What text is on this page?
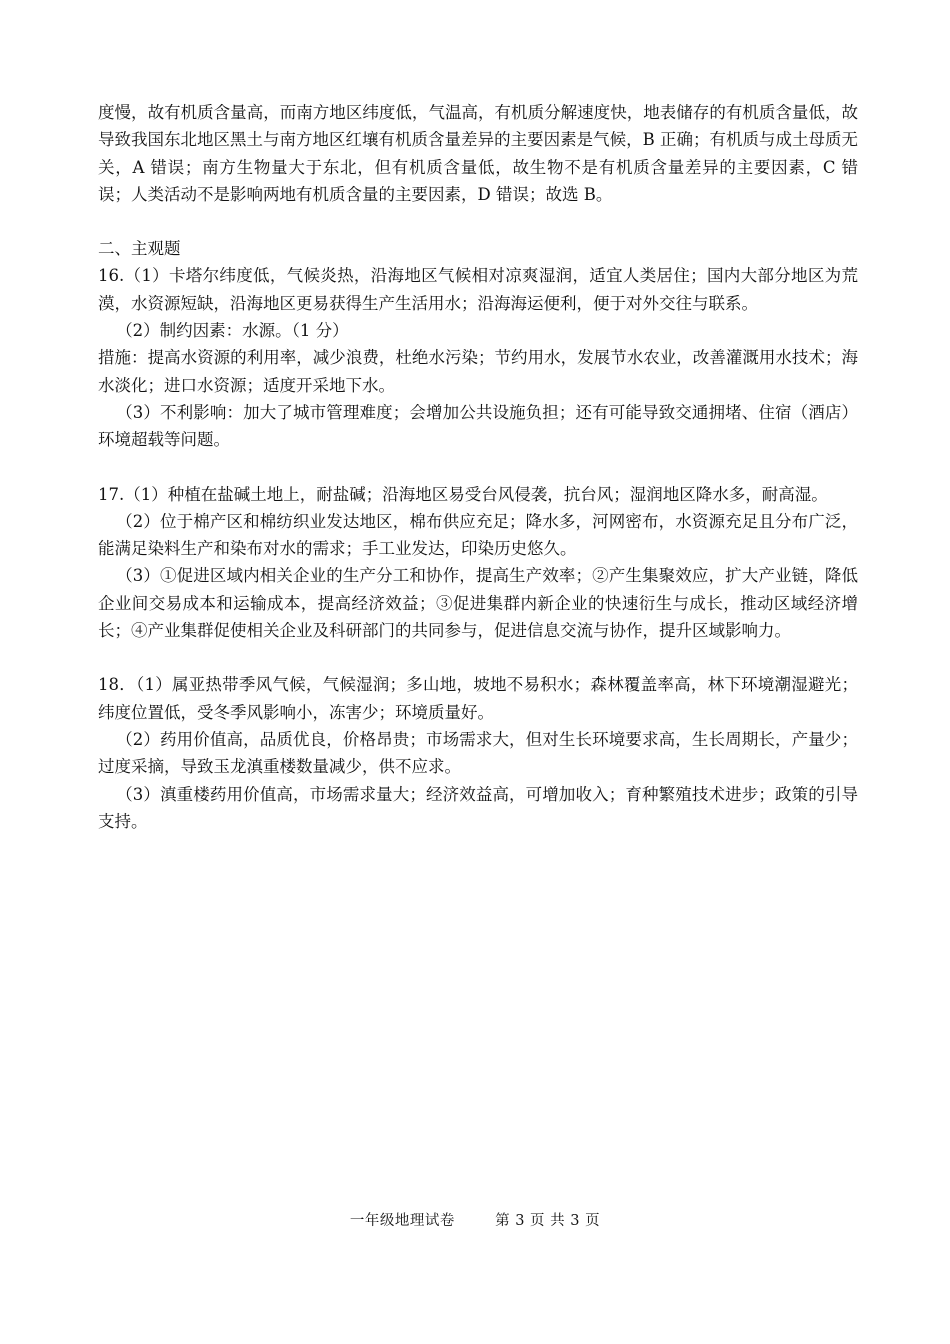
度慢，故有机质含量高，而南方地区纬度低，气温高，有机质分解速度快，地表储存的有机质含量低，故导致我国东北地区黑土与南方地区红壤有机质含量差异的主要因素是气候，B 正确；有机质与成土母质无关，A 错误；南方生物量大于东北，但有机质含量低，故生物不是有机质含量差异的主要因素，C 错误；人类活动不是影响两地有机质含量的主要因素，D 错误；故选 B。

二、主观题

16.（1）卡塔尔纬度低，气候炎热，沿海地区气候相对凉爽湿润，适宜人类居住；国内大部分地区为荒漠，水资源短缺，沿海地区更易获得生产生活用水；沿海海运便利，便于对外交往与联系。

（2）制约因素：水源。（1 分）

措施：提高水资源的利用率，减少浪费，杜绝水污染；节约用水，发展节水农业，改善灌溉用水技术；海水淡化；进口水资源；适度开采地下水。

（3）不利影响：加大了城市管理难度；会增加公共设施负担；还有可能导致交通拥堵、住宿（酒店）环境超载等问题。

17.（1）种植在盐碱土地上，耐盐碱；沿海地区易受台风侵袭，抗台风；湿润地区降水多，耐高湿。

（2）位于棉产区和棉纺织业发达地区，棉布供应充足；降水多，河网密布，水资源充足且分布广泛，能满足染料生产和染布对水的需求；手工业发达，印染历史悠久。

（3）①促进区域内相关企业的生产分工和协作，提高生产效率；②产生集聚效应，扩大产业链，降低企业间交易成本和运输成本，提高经济效益；③促进集群内新企业的快速衍生与成长，推动区域经济增长；④产业集群促使相关企业及科研部门的共同参与，促进信息交流与协作，提升区域影响力。

18．（1）属亚热带季风气候，气候湿润；多山地，坡地不易积水；森林覆盖率高，林下环境潮湿避光；纬度位置低，受冬季风影响小，冻害少；环境质量好。

（2）药用价值高，品质优良，价格昂贵；市场需求大，但对生长环境要求高，生长周期长，产量少；过度采摘，导致玉龙滇重楼数量减少，供不应求。

（3）滇重楼药用价值高，市场需求量大；经济效益高，可增加收入；育种繁殖技术进步；政策的引导支持。

一年级地理试卷	第 3 页 共 3 页
